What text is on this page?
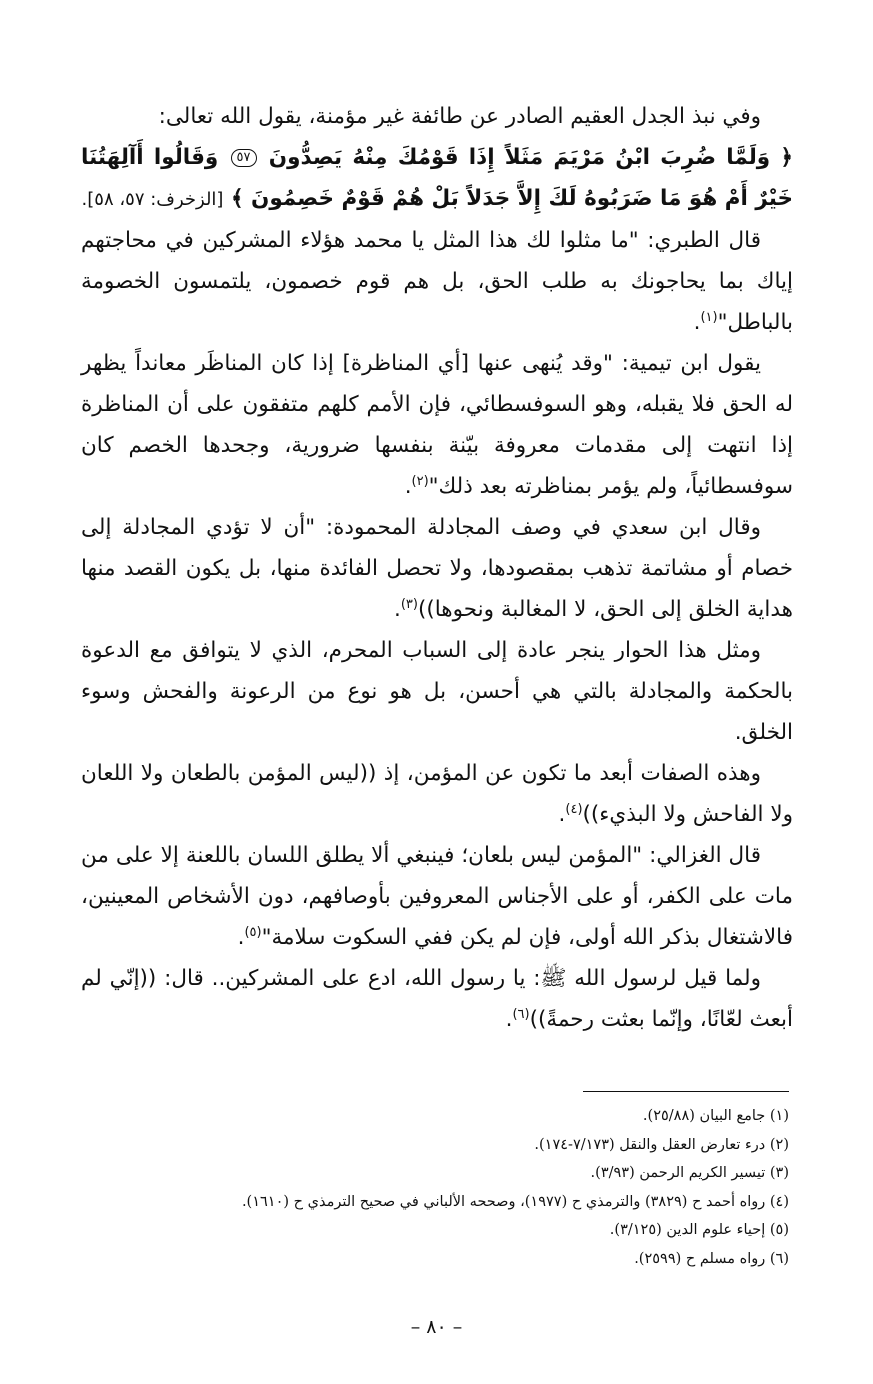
وفي نبذ الجدل العقيم الصادر عن طائفة غير مؤمنة، يقول الله تعالى:

﴿ وَلَمَّا ضُرِبَ ابْنُ مَرْيَمَ مَثَلاً إِذَا قَوْمُكَ مِنْهُ يَصِدُّونَ ٥٧ وَقَالُوا أَآلِهَتُنَا خَيْرٌ أَمْ هُوَ مَا ضَرَبُوهُ لَكَ إِلاَّ جَدَلاً بَلْ هُمْ قَوْمٌ خَصِمُونَ ﴾ [الزخرف: ٥٧، ٥٨].

قال الطبري: "ما مثلوا لك هذا المثل يا محمد هؤلاء المشركين في محاجتهم إياك بما يحاجونك به طلب الحق، بل هم قوم خصمون، يلتمسون الخصومة بالباطل"$^{(١)}$.

يقول ابن تيمية: "وقد يُنهى عنها [أي المناظرة] إذا كان المناظَر معانداً يظهر له الحق فلا يقبله، وهو السوفسطائي، فإن الأمم كلهم متفقون على أن المناظرة إذا انتهت إلى مقدمات معروفة بيّنة بنفسها ضرورية، وجحدها الخصم كان سوفسطائياً، ولم يؤمر بمناظرته بعد ذلك"$^{(٢)}$.

وقال ابن سعدي في وصف المجادلة المحمودة: "أن لا تؤدي المجادلة إلى خصام أو مشاتمة تذهب بمقصودها، ولا تحصل الفائدة منها، بل يكون القصد منها هداية الخلق إلى الحق، لا المغالبة ونحوها))$^{(٣)}$.

ومثل هذا الحوار ينجر عادة إلى السباب المحرم، الذي لا يتوافق مع الدعوة بالحكمة والمجادلة بالتي هي أحسن، بل هو نوع من الرعونة والفحش وسوء الخلق.

وهذه الصفات أبعد ما تكون عن المؤمن، إذ ((ليس المؤمن بالطعان ولا اللعان ولا الفاحش ولا البذيء))$^{(٤)}$.

قال الغزالي: "المؤمن ليس بلعان؛ فينبغي ألا يطلق اللسان باللعنة إلا على من مات على الكفر، أو على الأجناس المعروفين بأوصافهم، دون الأشخاص المعينين، فالاشتغال بذكر الله أولى، فإن لم يكن ففي السكوت سلامة"$^{(٥)}$.

ولما قيل لرسول الله ﷺ: يا رسول الله، ادع على المشركين.. قال: ((إنّي لم أبعث لعّانًا، وإنّما بعثت رحمةً))$^{(٦)}$.

(١) جامع البيان (٢٥/٨٨).

(٢) درء تعارض العقل والنقل (٧/١٧٣-١٧٤).

(٣) تيسير الكريم الرحمن (٣/٩٣).

(٤) رواه أحمد ح (٣٨٢٩) والترمذي ح (١٩٧٧)، وصححه الألباني في صحيح الترمذي ح (١٦١٠).

(٥) إحياء علوم الدين (٣/١٢٥).

(٦) رواه مسلم ح (٢٥٩٩).

– ٨٠ –
